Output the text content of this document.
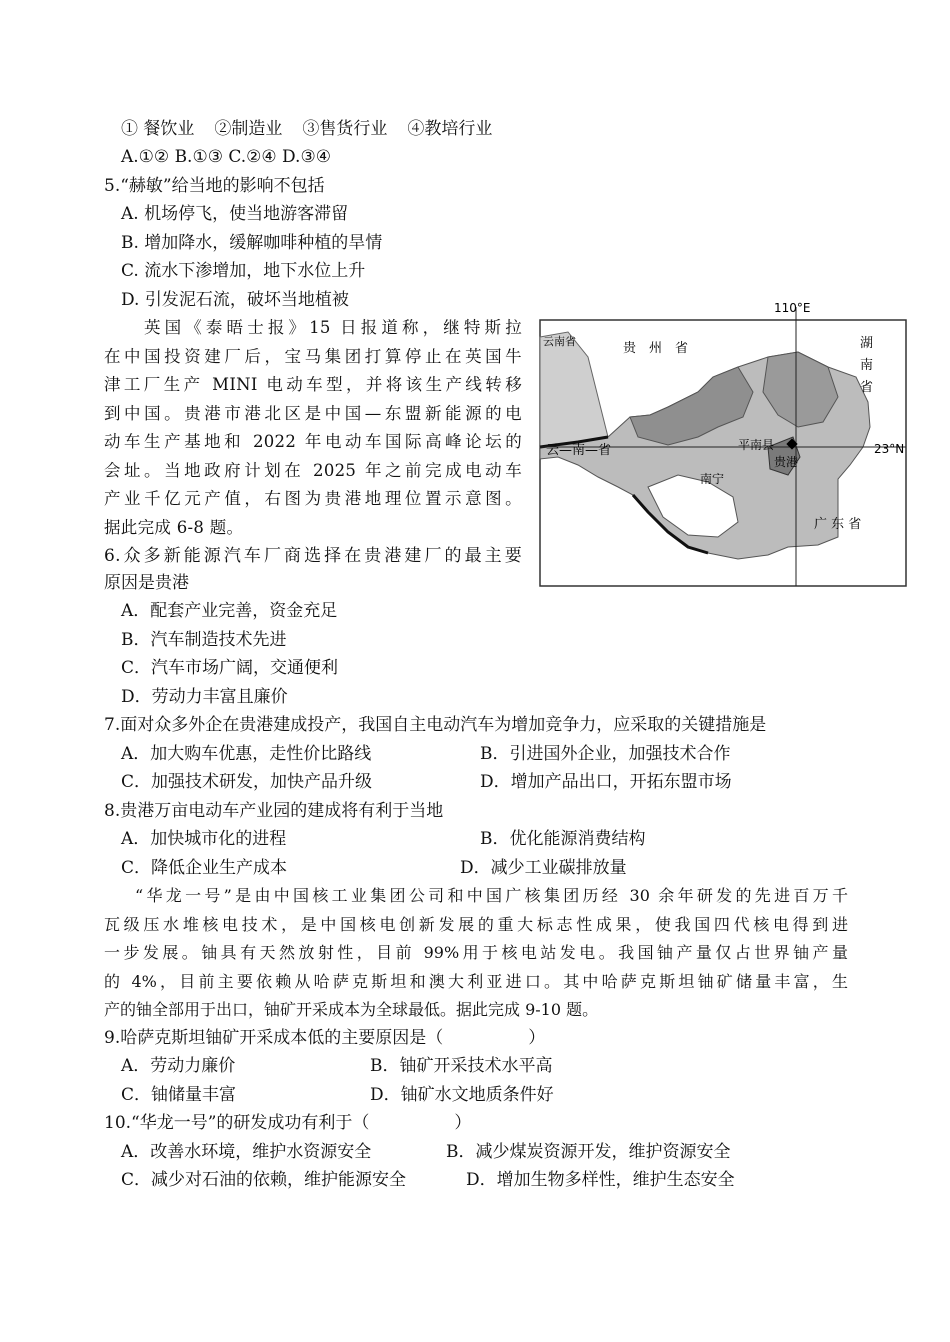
① 餐饮业 ②制造业 ③售货行业 ④教培行业
A.①② B.①③ C.②④ D.③④
5.“赫敏”给当地的影响不包括
A. 机场停飞，使当地游客滞留
B. 增加降水，缓解咖啡种植的旱情
C. 流水下渗增加，地下水位上升
D. 引发泥石流，破坏当地植被
英国《泰晤士报》15 日报道称，继特斯拉
在中国投资建厂后，宝马集团打算停止在英国牛
津工厂生产 MINI 电动车型，并将该生产线转移
到中国。贵港市港北区是中国—东盟新能源的电
动车生产基地和 2022 年电动车国际高峰论坛的
会址。当地政府计划在 2025 年之前完成电动车
产业千亿元产值，右图为贵港地理位置示意图。
据此完成 6-8 题。
110°E
23°N
云南省	贵　州　省	湖
南
省
云—南—省	平南县
贵港
南宁
广 东 省
6.众多新能源汽车厂商选择在贵港建厂的最主要
原因是贵港
A．配套产业完善，资金充足
B．汽车制造技术先进
C．汽车市场广阔，交通便利
D．劳动力丰富且廉价
7.面对众多外企在贵港建成投产，我国自主电动汽车为增加竞争力，应采取的关键措施是
A．加大购车优惠，走性价比路线	B．引进国外企业，加强技术合作
C．加强技术研发，加快产品升级	D．增加产品出口，开拓东盟市场
8.贵港万亩电动车产业园的建成将有利于当地
A．加快城市化的进程	B．优化能源消费结构
C．降低企业生产成本	D．减少工业碳排放量
“华龙一号”是由中国核工业集团公司和中国广核集团历经 30 余年研发的先进百万千
瓦级压水堆核电技术，是中国核电创新发展的重大标志性成果，使我国四代核电得到进
一步发展。铀具有天然放射性，目前 99%用于核电站发电。我国铀产量仅占世界铀产量
的 4%，目前主要依赖从哈萨克斯坦和澳大利亚进口。其中哈萨克斯坦铀矿储量丰富，生
产的铀全部用于出口，铀矿开采成本为全球最低。据此完成 9-10 题。
9.哈萨克斯坦铀矿开采成本低的主要原因是（　　　　　）
A．劳动力廉价	B．铀矿开采技术水平高
C．铀储量丰富	D．铀矿水文地质条件好
10.“华龙一号”的研发成功有利于（　　　　　）
A．改善水环境，维护水资源安全	B．减少煤炭资源开发，维护资源安全
C．减少对石油的依赖，维护能源安全	D．增加生物多样性，维护生态安全
